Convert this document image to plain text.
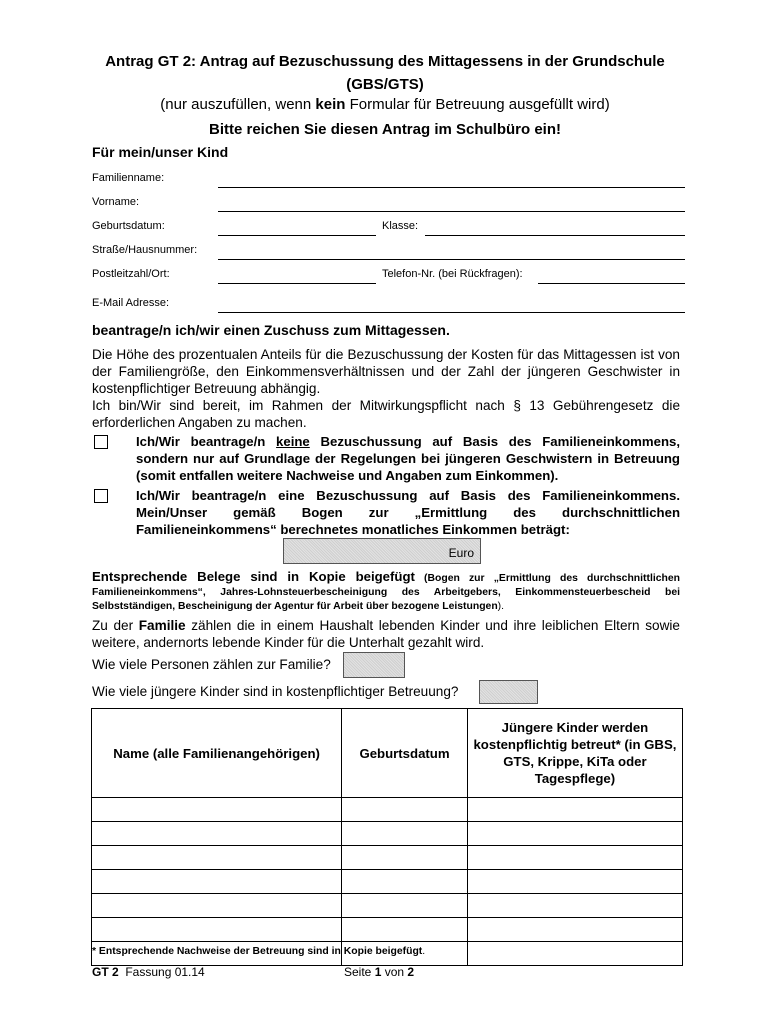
Antrag GT 2: Antrag auf Bezuschussung des Mittagessens in der Grundschule
(GBS/GTS)
(nur auszufüllen, wenn kein Formular für Betreuung ausgefüllt wird)
Bitte reichen Sie diesen Antrag im Schulbüro ein!
Für mein/unser Kind
Familienname:
Vorname:
Geburtsdatum:	Klasse:
Straße/Hausnummer:
Postleitzahl/Ort:	Telefon-Nr. (bei Rückfragen):
E-Mail Adresse:
beantrage/n ich/wir einen Zuschuss zum Mittagessen.
Die Höhe des prozentualen Anteils für die Bezuschussung der Kosten für das Mittagessen ist von der Familiengröße, den Einkommensverhältnissen und der Zahl der jüngeren Geschwister in kostenpflichtiger Betreuung abhängig.
Ich bin/Wir sind bereit, im Rahmen der Mitwirkungspflicht nach § 13 Gebührengesetz die erforderlichen Angaben zu machen.
Ich/Wir beantrage/n keine Bezuschussung auf Basis des Familieneinkommens, sondern nur auf Grundlage der Regelungen bei jüngeren Geschwistern in Betreuung (somit entfallen weitere Nachweise und Angaben zum Einkommen).
Ich/Wir beantrage/n eine Bezuschussung auf Basis des Familieneinkommens. Mein/Unser gemäß Bogen zur „Ermittlung des durchschnittlichen Familieneinkommens“ berechnetes monatliches Einkommen beträgt:
Euro
Entsprechende Belege sind in Kopie beigefügt (Bogen zur „Ermittlung des durchschnittlichen Familieneinkommens“, Jahres-Lohnsteuerbescheinigung des Arbeitgebers, Einkommensteuerbescheid bei Selbstständigen, Bescheinigung der Agentur für Arbeit über bezogene Leistungen).
Zu der Familie zählen die in einem Haushalt lebenden Kinder und ihre leiblichen Eltern sowie weitere, andernorts lebende Kinder für die Unterhalt gezahlt wird.
Wie viele Personen zählen zur Familie?
Wie viele jüngere Kinder sind in kostenpflichtiger Betreuung?
Name (alle Familienangehörigen)	Geburtsdatum	Jüngere Kinder werden kostenpflichtig betreut* (in GBS, GTS, Krippe, KiTa oder Tagespflege)

* Entsprechende Nachweise der Betreuung sind in Kopie beigefügt.
GT 2 Fassung 01.14	Seite 1 von 2
